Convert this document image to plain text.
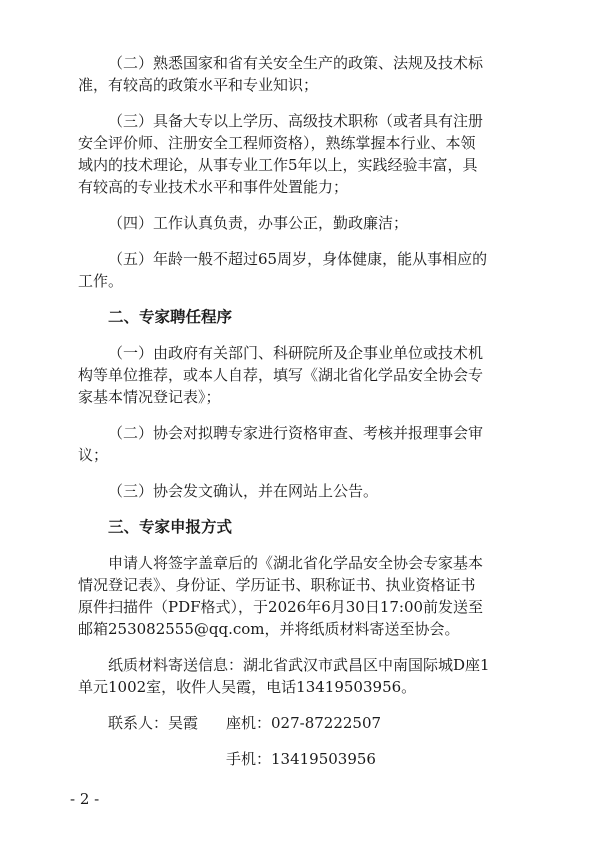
（二）熟悉国家和省有关安全生产的政策、法规及技术标

准，有较高的政策水平和专业知识；

（三）具备大专以上学历、高级技术职称（或者具有注册

安全评价师、注册安全工程师资格），熟练掌握本行业、本领

域内的技术理论，从事专业工作5年以上，实践经验丰富，具

有较高的专业技术水平和事件处置能力；

（四）工作认真负责，办事公正，勤政廉洁；

（五）年龄一般不超过65周岁，身体健康，能从事相应的

工作。

二、专家聘任程序

（一）由政府有关部门、科研院所及企事业单位或技术机

构等单位推荐，或本人自荐，填写《湖北省化学品安全协会专

家基本情况登记表》；

（二）协会对拟聘专家进行资格审查、考核并报理事会审

议；

（三）协会发文确认，并在网站上公告。

三、专家申报方式

申请人将签字盖章后的《湖北省化学品安全协会专家基本

情况登记表》、身份证、学历证书、职称证书、执业资格证书

原件扫描件（PDF格式），于2026年6月30日17:00前发送至

邮箱253082555@qq.com，并将纸质材料寄送至协会。

纸质材料寄送信息：湖北省武汉市武昌区中南国际城D座1

单元1002室，收件人吴霞，电话13419503956。

联系人：吴霞 座机：027-87222507

手机：13419503956

- 2 -
